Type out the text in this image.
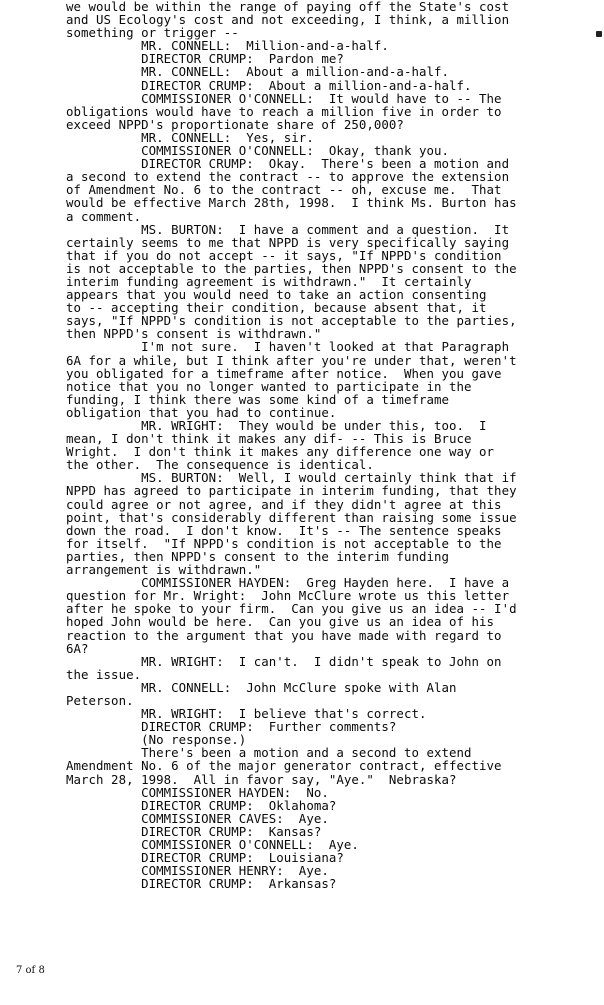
we would be within the range of paying off the State's cost
and US Ecology's cost and not exceeding, I think, a million
something or trigger --
MR. CONNELL:  Million-and-a-half.
DIRECTOR CRUMP:  Pardon me?
MR. CONNELL:  About a million-and-a-half.
DIRECTOR CRUMP:  About a million-and-a-half.
COMMISSIONER O'CONNELL:  It would have to -- The
obligations would have to reach a million five in order to
exceed NPPD's proportionate share of 250,000?
MR. CONNELL:  Yes, sir.
COMMISSIONER O'CONNELL:  Okay, thank you.
DIRECTOR CRUMP:  Okay.  There's been a motion and
a second to extend the contract -- to approve the extension
of Amendment No. 6 to the contract -- oh, excuse me.  That
would be effective March 28th, 1998.  I think Ms. Burton has
a comment.
MS. BURTON:  I have a comment and a question.  It
certainly seems to me that NPPD is very specifically saying
that if you do not accept -- it says, "If NPPD's condition
is not acceptable to the parties, then NPPD's consent to the
interim funding agreement is withdrawn."  It certainly
appears that you would need to take an action consenting
to -- accepting their condition, because absent that, it
says, "If NPPD's condition is not acceptable to the parties,
then NPPD's consent is withdrawn."
I'm not sure.  I haven't looked at that Paragraph
6A for a while, but I think after you're under that, weren't
you obligated for a timeframe after notice.  When you gave
notice that you no longer wanted to participate in the
funding, I think there was some kind of a timeframe
obligation that you had to continue.
MR. WRIGHT:  They would be under this, too.  I
mean, I don't think it makes any dif- -- This is Bruce
Wright.  I don't think it makes any difference one way or
the other.  The consequence is identical.
MS. BURTON:  Well, I would certainly think that if
NPPD has agreed to participate in interim funding, that they
could agree or not agree, and if they didn't agree at this
point, that's considerably different than raising some issue
down the road.  I don't know.  It's -- The sentence speaks
for itself.  "If NPPD's condition is not acceptable to the
parties, then NPPD's consent to the interim funding
arrangement is withdrawn."
COMMISSIONER HAYDEN:  Greg Hayden here.  I have a
question for Mr. Wright:  John McClure wrote us this letter
after he spoke to your firm.  Can you give us an idea -- I'd
hoped John would be here.  Can you give us an idea of his
reaction to the argument that you have made with regard to
6A?
MR. WRIGHT:  I can't.  I didn't speak to John on
the issue.
MR. CONNELL:  John McClure spoke with Alan
Peterson.
MR. WRIGHT:  I believe that's correct.
DIRECTOR CRUMP:  Further comments?
(No response.)
There's been a motion and a second to extend
Amendment No. 6 of the major generator contract, effective
March 28, 1998.  All in favor say, "Aye."  Nebraska?
COMMISSIONER HAYDEN:  No.
DIRECTOR CRUMP:  Oklahoma?
COMMISSIONER CAVES:  Aye.
DIRECTOR CRUMP:  Kansas?
COMMISSIONER O'CONNELL:  Aye.
DIRECTOR CRUMP:  Louisiana?
COMMISSIONER HENRY:  Aye.
DIRECTOR CRUMP:  Arkansas?
7 of 8
